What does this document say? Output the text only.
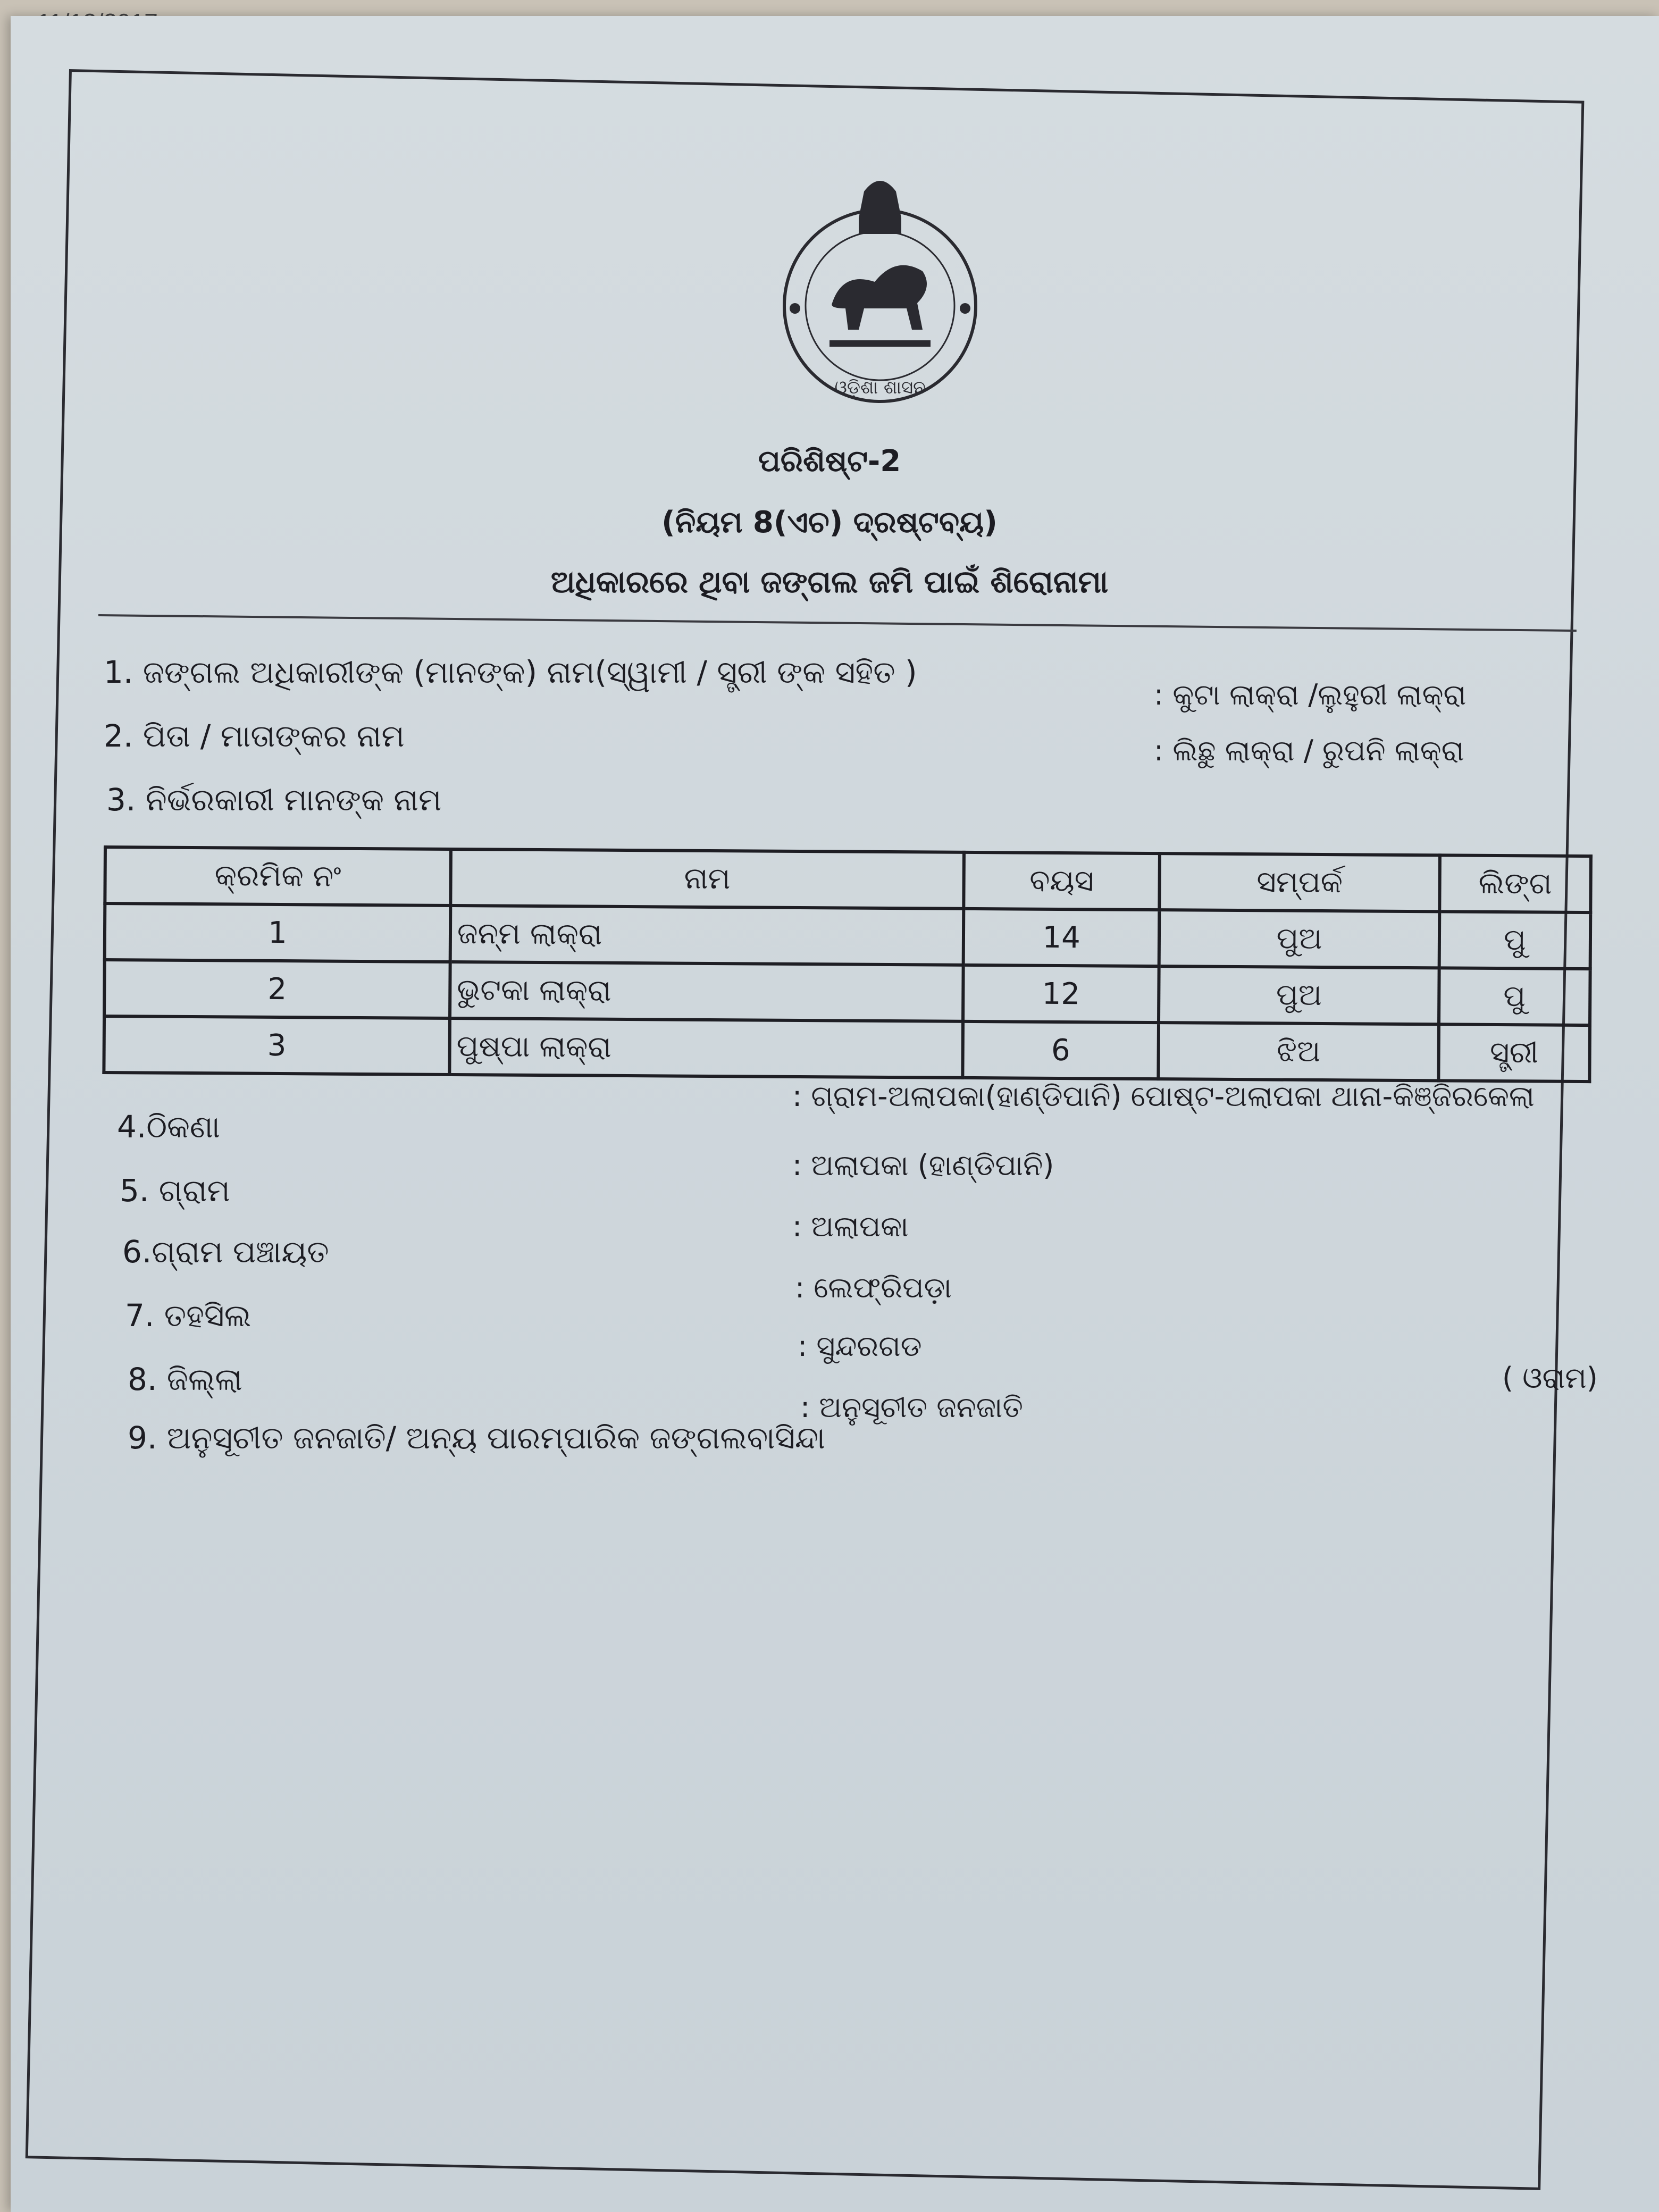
ଓଡ଼ିଶା ଶାସନ
ପରିଶିଷ୍ଟ-2
(ନିୟମ 8(ଏଚ) ଦ୍ରଷ୍ଟବ୍ୟ)
ଅଧିକାରରେ ଥିବା ଜଙ୍ଗଲ ଜମି ପାଇଁ ଶିରୋନାମା
1. ଜଙ୍ଗଲ ଅଧିକାରୀଙ୍କ (ମାନଙ୍କ) ନାମ(ସ୍ୱାମୀ / ସ୍ତ୍ରୀ ଙ୍କ ସହିତ )
: କୁଟା ଲାକ୍ରା /ଲୁହୁରୀ ଲାକ୍ରା
2. ପିତା / ମାତାଙ୍କର ନାମ	: ଲିଛୁ ଲାକ୍ରା / ରୁପନି ଲାକ୍ରା
3. ନିର୍ଭରକାରୀ ମାନଙ୍କ ନାମ
କ୍ରମିକ ନଂ	ନାମ	ବୟସ	ସମ୍ପର୍କ	ଲିଙ୍ଗ
1	ଜନ୍ମ ଲାକ୍ରା	14	ପୁଅ	ପୁ
2	ଭୁଟକା ଲାକ୍ରା	12	ପୁଅ	ପୁ
3	ପୁଷ୍ପା ଲାକ୍ରା	6	ଝିଅ	ସ୍ତ୍ରୀ
4.ଠିକଣା
: ଗ୍ରାମ-ଅଲାପକା(ହାଣ୍ଡିପାନି) ପୋଷ୍ଟ-ଅଲାପକା ଥାନା-କିଞ୍ଜିରକେଲା
5. ଗ୍ରାମ
: ଅଲାପକା (ହାଣ୍ଡିପାନି)
6.ଗ୍ରାମ ପଞ୍ଚାୟତ
: ଅଲାପକା
7. ତହସିଲ
: ଲେଫ୍ରିପଡ଼ା
8. ଜିଲ୍ଲା
: ସୁନ୍ଦରଗଡ
9. ଅନୁସୂଚୀତ ଜନଜାତି/ ଅନ୍ୟ ପାରମ୍ପାରିକ ଜଙ୍ଗଲବାସିନ୍ଦା
: ଅନୁସୂଚୀତ ଜନଜାତି
( ଓରାମ)
